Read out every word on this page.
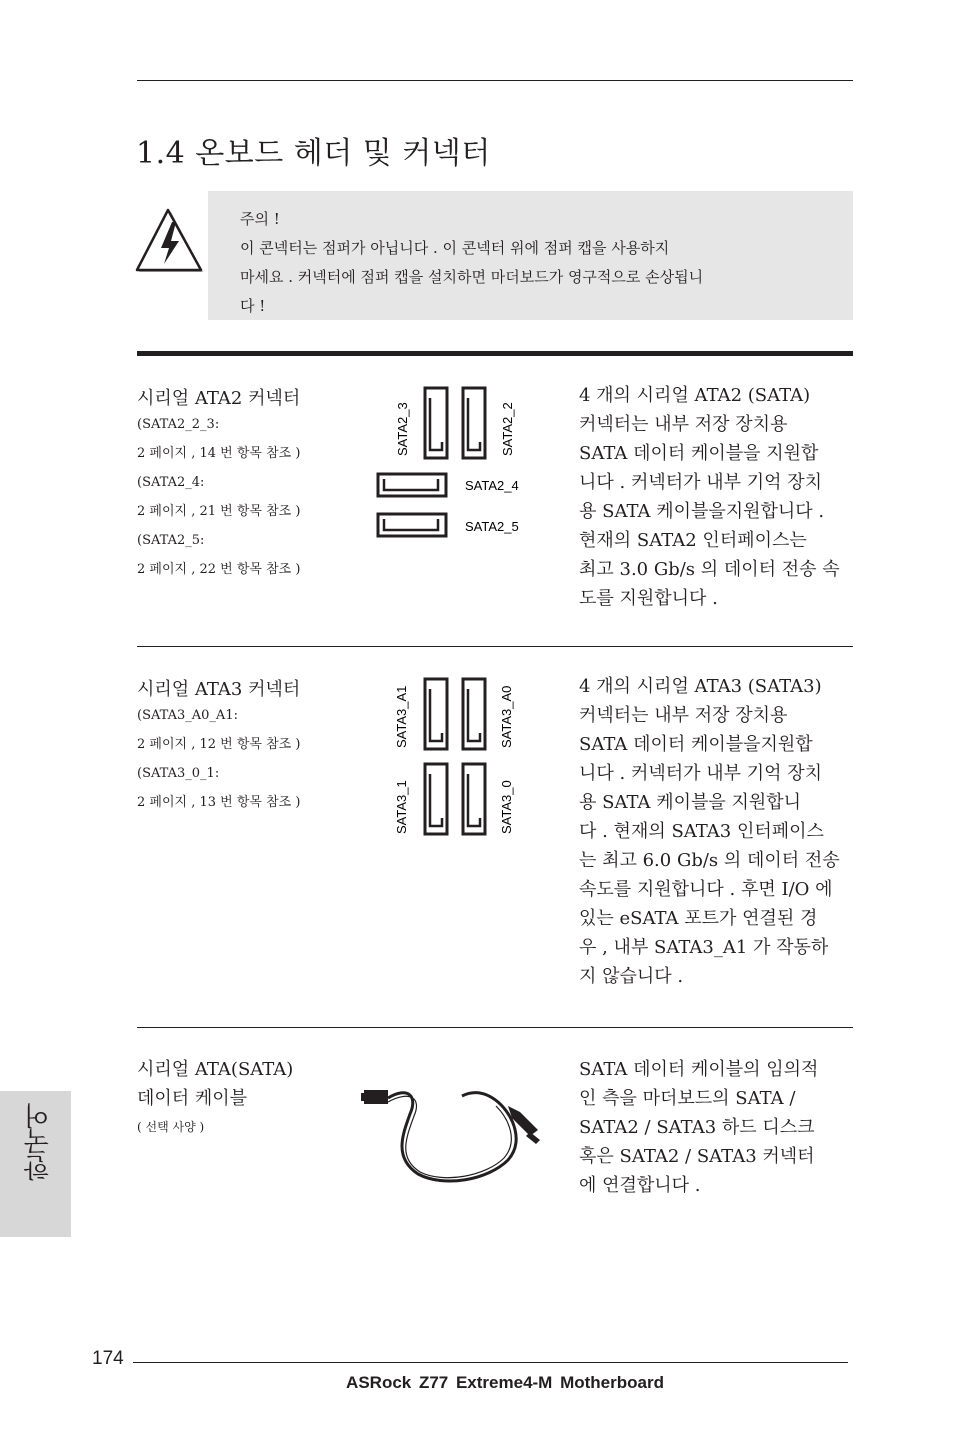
1.4 온보드 헤더 및 커넥터
주의 !
이 콘넥터는 점퍼가 아닙니다 . 이 콘넥터 위에 점퍼 캡을 사용하지
마세요 . 커넥터에 점퍼 캡을 설치하면 마더보드가 영구적으로 손상됩니
다 !
시리얼 ATA2 커넥터
(SATA2_2_3:
2 페이지 , 14 번 항목 참조 )
(SATA2_4:
2 페이지 , 21 번 항목 참조 )
(SATA2_5:
2 페이지 , 22 번 항목 참조 )
SATA2_3	SATA2_2
SATA2_4
SATA2_5
4 개의 시리얼 ATA2 (SATA)
커넥터는 내부 저장 장치용
SATA 데이터 케이블을 지원합
니다 . 커넥터가 내부 기억 장치
용 SATA 케이블을지원합니다 .
현재의 SATA2 인터페이스는
최고 3.0 Gb/s 의 데이터 전송 속
도를 지원합니다 .
시리얼 ATA3 커넥터
(SATA3_A0_A1:
2 페이지 , 12 번 항목 참조 )
(SATA3_0_1:
2 페이지 , 13 번 항목 참조 )
SATA3_A1	SATA3_A0
SATA3_1	SATA3_0
4 개의 시리얼 ATA3 (SATA3)
커넥터는 내부 저장 장치용
SATA 데이터 케이블을지원합
니다 . 커넥터가 내부 기억 장치
용 SATA 케이블을 지원합니
다 . 현재의 SATA3 인터페이스
는 최고 6.0 Gb/s 의 데이터 전송
속도를 지원합니다 . 후면 I/O 에
있는 eSATA 포트가 연결된 경
우 , 내부 SATA3_A1 가 작동하
지 않습니다 .
시리얼 ATA(SATA)
데이터 케이블
( 선택 사양 )
SATA 데이터 케이블의 임의적
인 측을 마더보드의 SATA /
SATA2 / SATA3 하드 디스크
혹은 SATA2 / SATA3 커넥터
에 연결합니다 .
한국어
174
ASRock Z77 Extreme4-M Motherboard
